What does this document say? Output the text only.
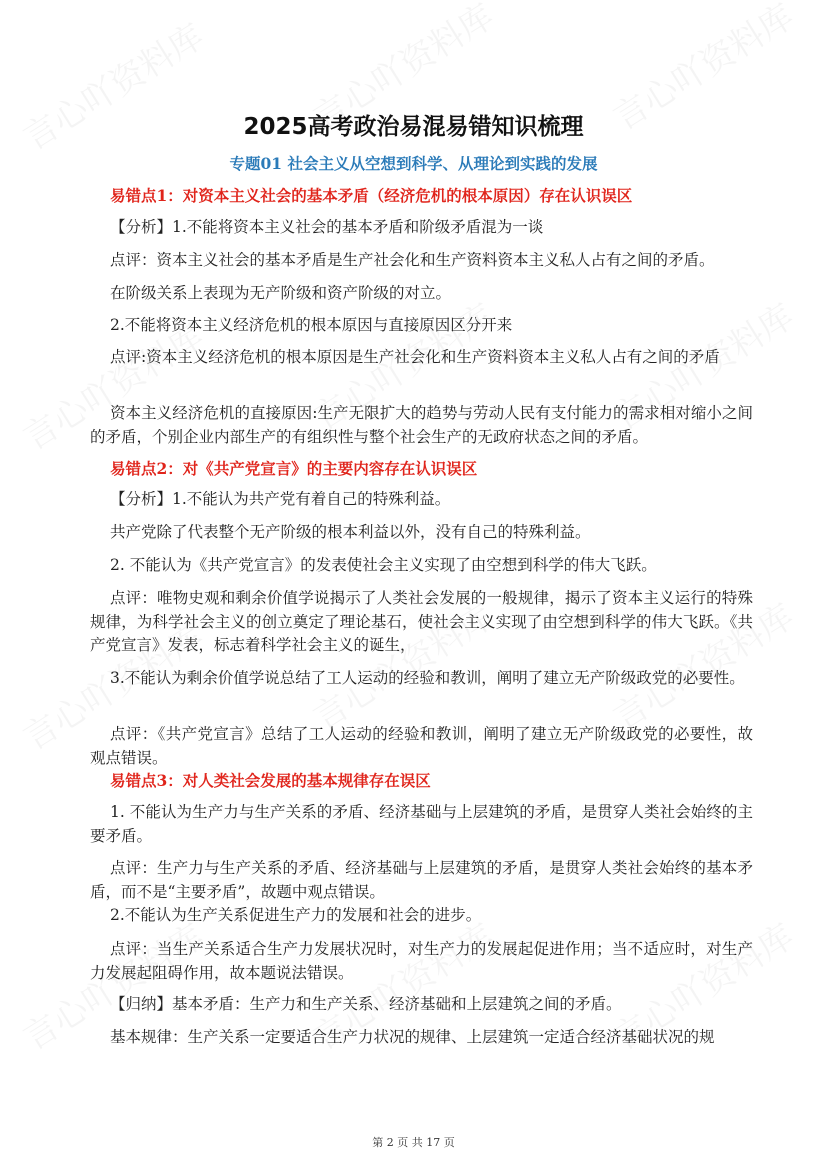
2025高考政治易混易错知识梳理
专题01 社会主义从空想到科学、从理论到实践的发展
易错点1：对资本主义社会的基本矛盾（经济危机的根本原因）存在认识误区
【分析】1.不能将资本主义社会的基本矛盾和阶级矛盾混为一谈
点评：资本主义社会的基本矛盾是生产社会化和生产资料资本主义私人占有之间的矛盾。
在阶级关系上表现为无产阶级和资产阶级的对立。
2.不能将资本主义经济危机的根本原因与直接原因区分开来
点评:资本主义经济危机的根本原因是生产社会化和生产资料资本主义私人占有之间的矛盾
资本主义经济危机的直接原因:生产无限扩大的趋势与劳动人民有支付能力的需求相对缩小之间的矛盾，个别企业内部生产的有组织性与整个社会生产的无政府状态之间的矛盾。
易错点2：对《共产党宣言》的主要内容存在认识误区
【分析】1.不能认为共产党有着自己的特殊利益。
共产党除了代表整个无产阶级的根本利益以外，没有自己的特殊利益。
2. 不能认为《共产党宣言》的发表使社会主义实现了由空想到科学的伟大飞跃。
点评：唯物史观和剩余价值学说揭示了人类社会发展的一般规律，揭示了资本主义运行的特殊规律，为科学社会主义的创立奠定了理论基石，使社会主义实现了由空想到科学的伟大飞跃。《共产党宣言》发表，标志着科学社会主义的诞生，
3.不能认为剩余价值学说总结了工人运动的经验和教训，阐明了建立无产阶级政党的必要性。
点评：《共产党宣言》总结了工人运动的经验和教训，阐明了建立无产阶级政党的必要性，故观点错误。
易错点3：对人类社会发展的基本规律存在误区
1. 不能认为生产力与生产关系的矛盾、经济基础与上层建筑的矛盾，是贯穿人类社会始终的主要矛盾。
点评：生产力与生产关系的矛盾、经济基础与上层建筑的矛盾，是贯穿人类社会始终的基本矛盾，而不是“主要矛盾”，故题中观点错误。
2.不能认为生产关系促进生产力的发展和社会的进步。
点评：当生产关系适合生产力发展状况时，对生产力的发展起促进作用；当不适应时，对生产力发展起阻碍作用，故本题说法错误。
【归纳】基本矛盾：生产力和生产关系、经济基础和上层建筑之间的矛盾。
基本规律：生产关系一定要适合生产力状况的规律、上层建筑一定适合经济基础状况的规
第 2 页 共 17 页
